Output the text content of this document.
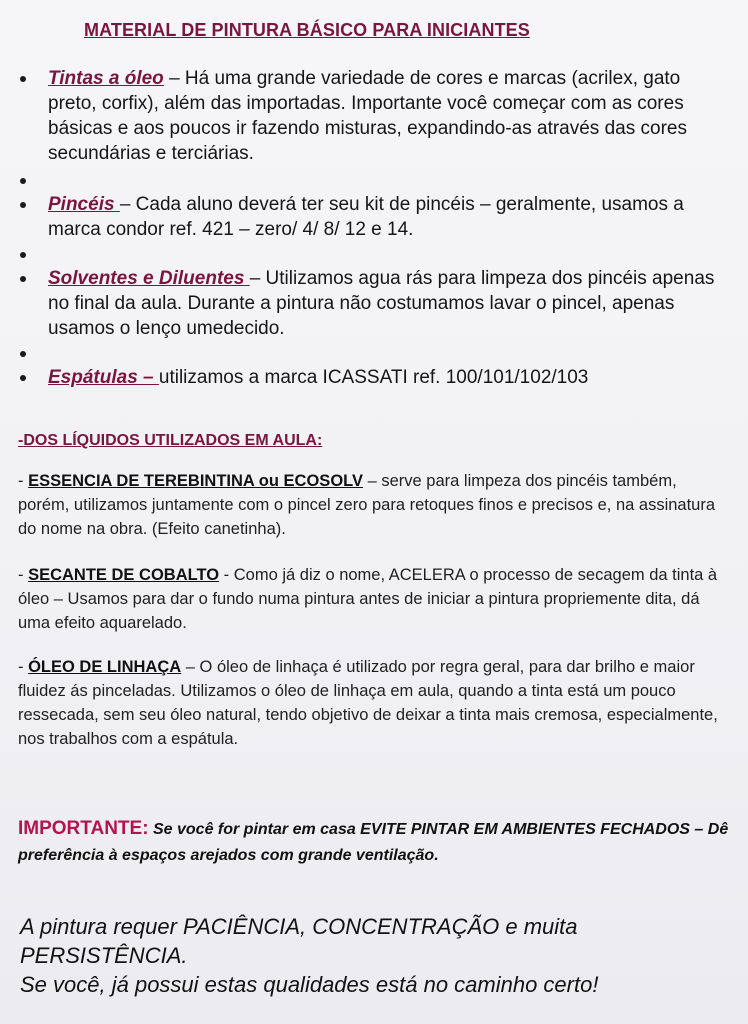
MATERIAL DE PINTURA BÁSICO PARA INICIANTES
Tintas a óleo – Há uma grande variedade de cores e marcas (acrilex, gato preto, corfix), além das importadas. Importante você começar com as cores básicas e aos poucos ir fazendo misturas, expandindo-as através das cores secundárias e terciárias.
Pincéis – Cada aluno deverá ter seu kit de pincéis – geralmente, usamos a marca condor ref. 421 – zero/ 4/ 8/ 12 e 14.
Solventes e Diluentes – Utilizamos agua rás para limpeza dos pincéis apenas no final da aula. Durante a pintura não costumamos lavar o pincel, apenas usamos o lenço umedecido.
Espátulas – utilizamos a marca ICASSATI ref. 100/101/102/103
-DOS LÍQUIDOS UTILIZADOS EM AULA:
- ESSENCIA DE TEREBINTINA ou ECOSOLV – serve para limpeza dos pincéis também, porém, utilizamos juntamente com o pincel zero para retoques finos e precisos e, na assinatura do nome na obra. (Efeito canetinha).
- SECANTE DE COBALTO - Como já diz o nome, ACELERA o processo de secagem da tinta à óleo – Usamos para dar o fundo numa pintura antes de iniciar a pintura propriemente dita, dá uma efeito aquarelado.
- ÓLEO DE LINHAÇA – O óleo de linhaça é utilizado por regra geral, para dar brilho e maior fluidez ás pinceladas. Utilizamos o óleo de linhaça em aula, quando a tinta está um pouco ressecada, sem seu óleo natural, tendo objetivo de deixar a tinta mais cremosa, especialmente, nos trabalhos com a espátula.
IMPORTANTE: Se você for pintar em casa EVITE PINTAR EM AMBIENTES FECHADOS – Dê preferência à espaços arejados com grande ventilação.
A pintura requer PACIÊNCIA, CONCENTRAÇÃO e muita PERSISTÊNCIA.
Se você, já possui estas qualidades está no caminho certo!
